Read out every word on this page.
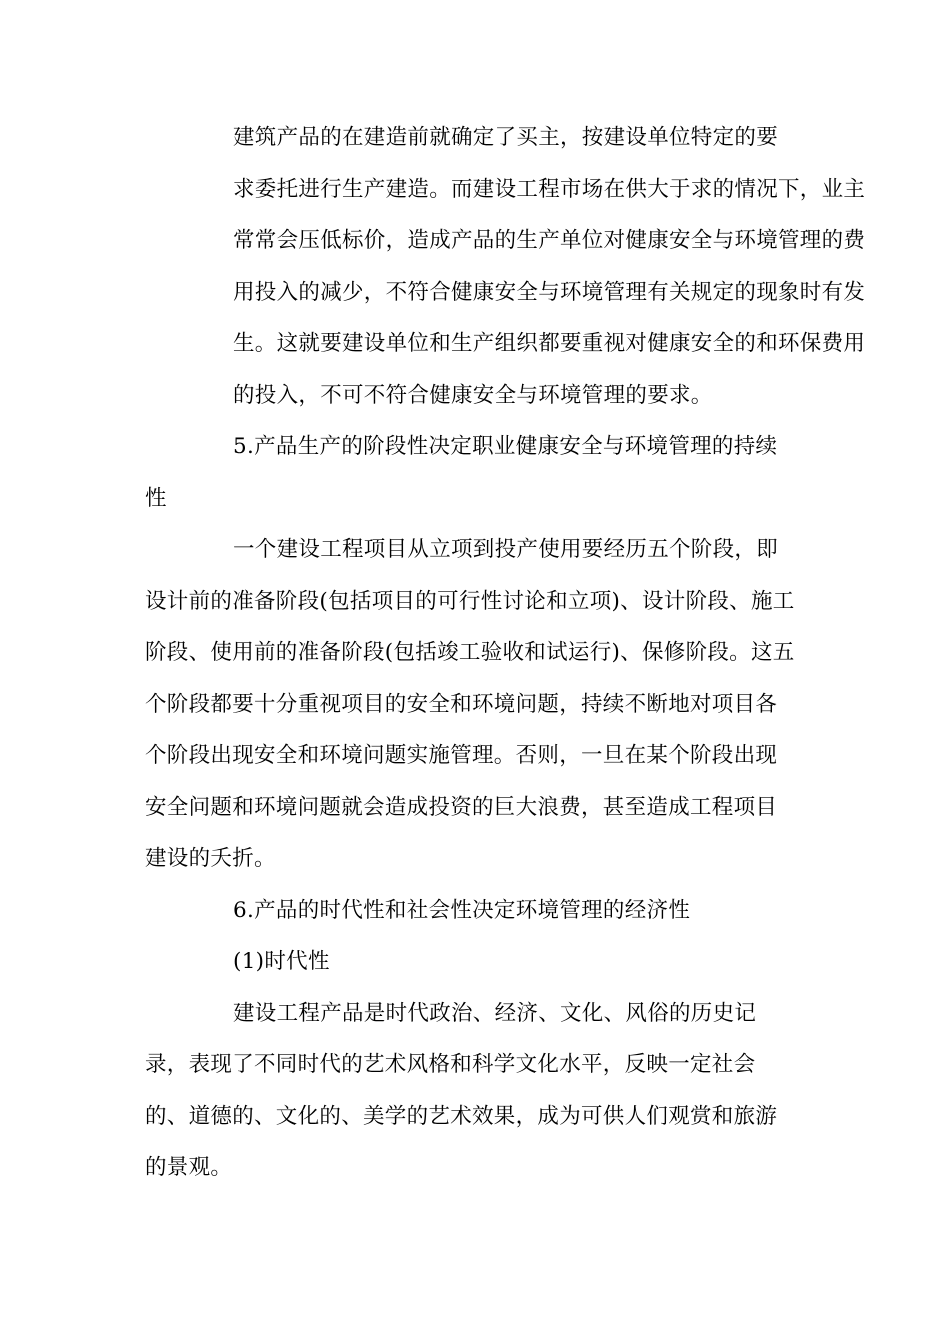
建筑产品的在建造前就确定了买主，按建设单位特定的要
求委托进行生产建造。而建设工程市场在供大于求的情况下，业主
常常会压低标价，造成产品的生产单位对健康安全与环境管理的费
用投入的减少，不符合健康安全与环境管理有关规定的现象时有发
生。这就要建设单位和生产组织都要重视对健康安全的和环保费用
的投入，不可不符合健康安全与环境管理的要求。

5.产品生产的阶段性决定职业健康安全与环境管理的持续
性

一个建设工程项目从立项到投产使用要经历五个阶段，即
设计前的准备阶段(包括项目的可行性讨论和立项)、设计阶段、施工
阶段、使用前的准备阶段(包括竣工验收和试运行)、保修阶段。这五
个阶段都要十分重视项目的安全和环境问题，持续不断地对项目各
个阶段出现安全和环境问题实施管理。否则，一旦在某个阶段出现
安全问题和环境问题就会造成投资的巨大浪费，甚至造成工程项目
建设的夭折。

6.产品的时代性和社会性决定环境管理的经济性

(1)时代性

建设工程产品是时代政治、经济、文化、风俗的历史记
录，表现了不同时代的艺术风格和科学文化水平，反映一定社会
的、道德的、文化的、美学的艺术效果，成为可供人们观赏和旅游
的景观。
